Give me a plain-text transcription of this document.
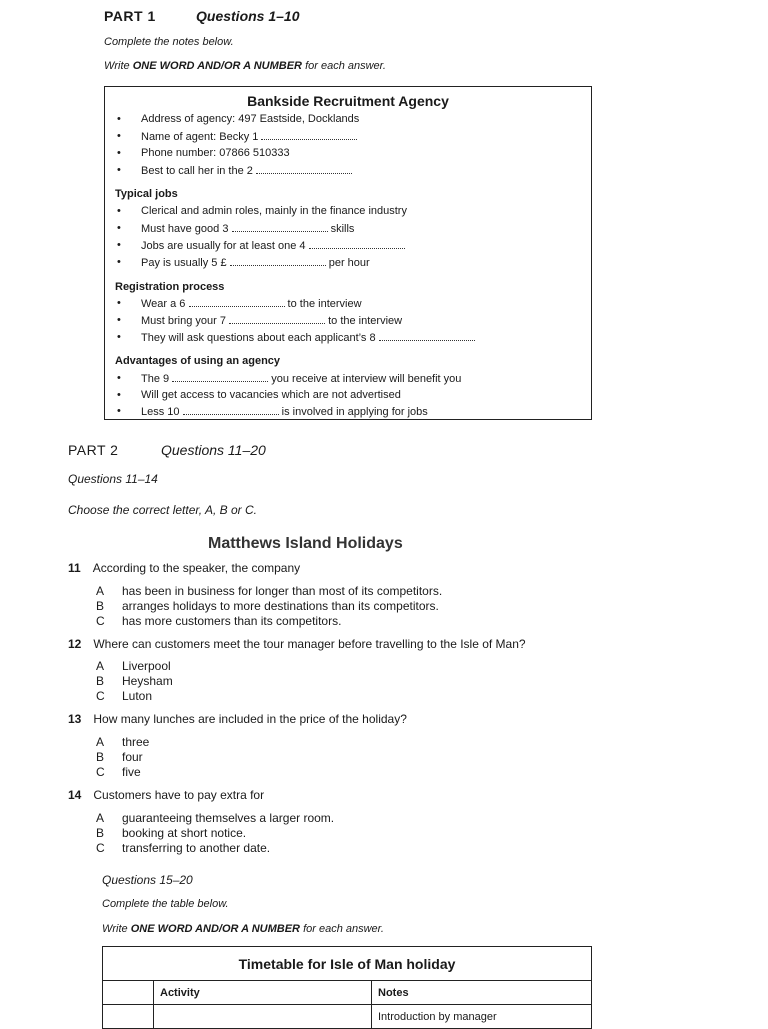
PART 1	Questions 1–10
Complete the notes below.
Write ONE WORD AND/OR A NUMBER for each answer.
Bankside Recruitment Agency
• Address of agency: 497 Eastside, Docklands
• Name of agent: Becky 1
• Phone number: 07866 510333
• Best to call her in the 2
Typical jobs
• Clerical and admin roles, mainly in the finance industry
• Must have good 3	skills
• Jobs are usually for at least one 4
• Pay is usually 5 £	per hour
Registration process
• Wear a 6	to the interview
• Must bring your 7	to the interview
• They will ask questions about each applicant’s 8
Advantages of using an agency
• The 9	you receive at interview will benefit you
• Will get access to vacancies which are not advertised
• Less 10	is involved in applying for jobs
PART 2	Questions 11–20
Questions 11–14
Choose the correct letter, A, B or C.
Matthews Island Holidays
11 According to the speaker, the company
A has been in business for longer than most of its competitors.
B arranges holidays to more destinations than its competitors.
C has more customers than its competitors.
12 Where can customers meet the tour manager before travelling to the Isle of Man?
A Liverpool
B Heysham
C Luton
13 How many lunches are included in the price of the holiday?
A three
B four
C five
14 Customers have to pay extra for
A guaranteeing themselves a larger room.
B booking at short notice.
C transferring to another date.
Questions 15–20
Complete the table below.
Write ONE WORD AND/OR A NUMBER for each answer.
Timetable for Isle of Man holiday		
	Activity	Notes
		Introduction by manager
